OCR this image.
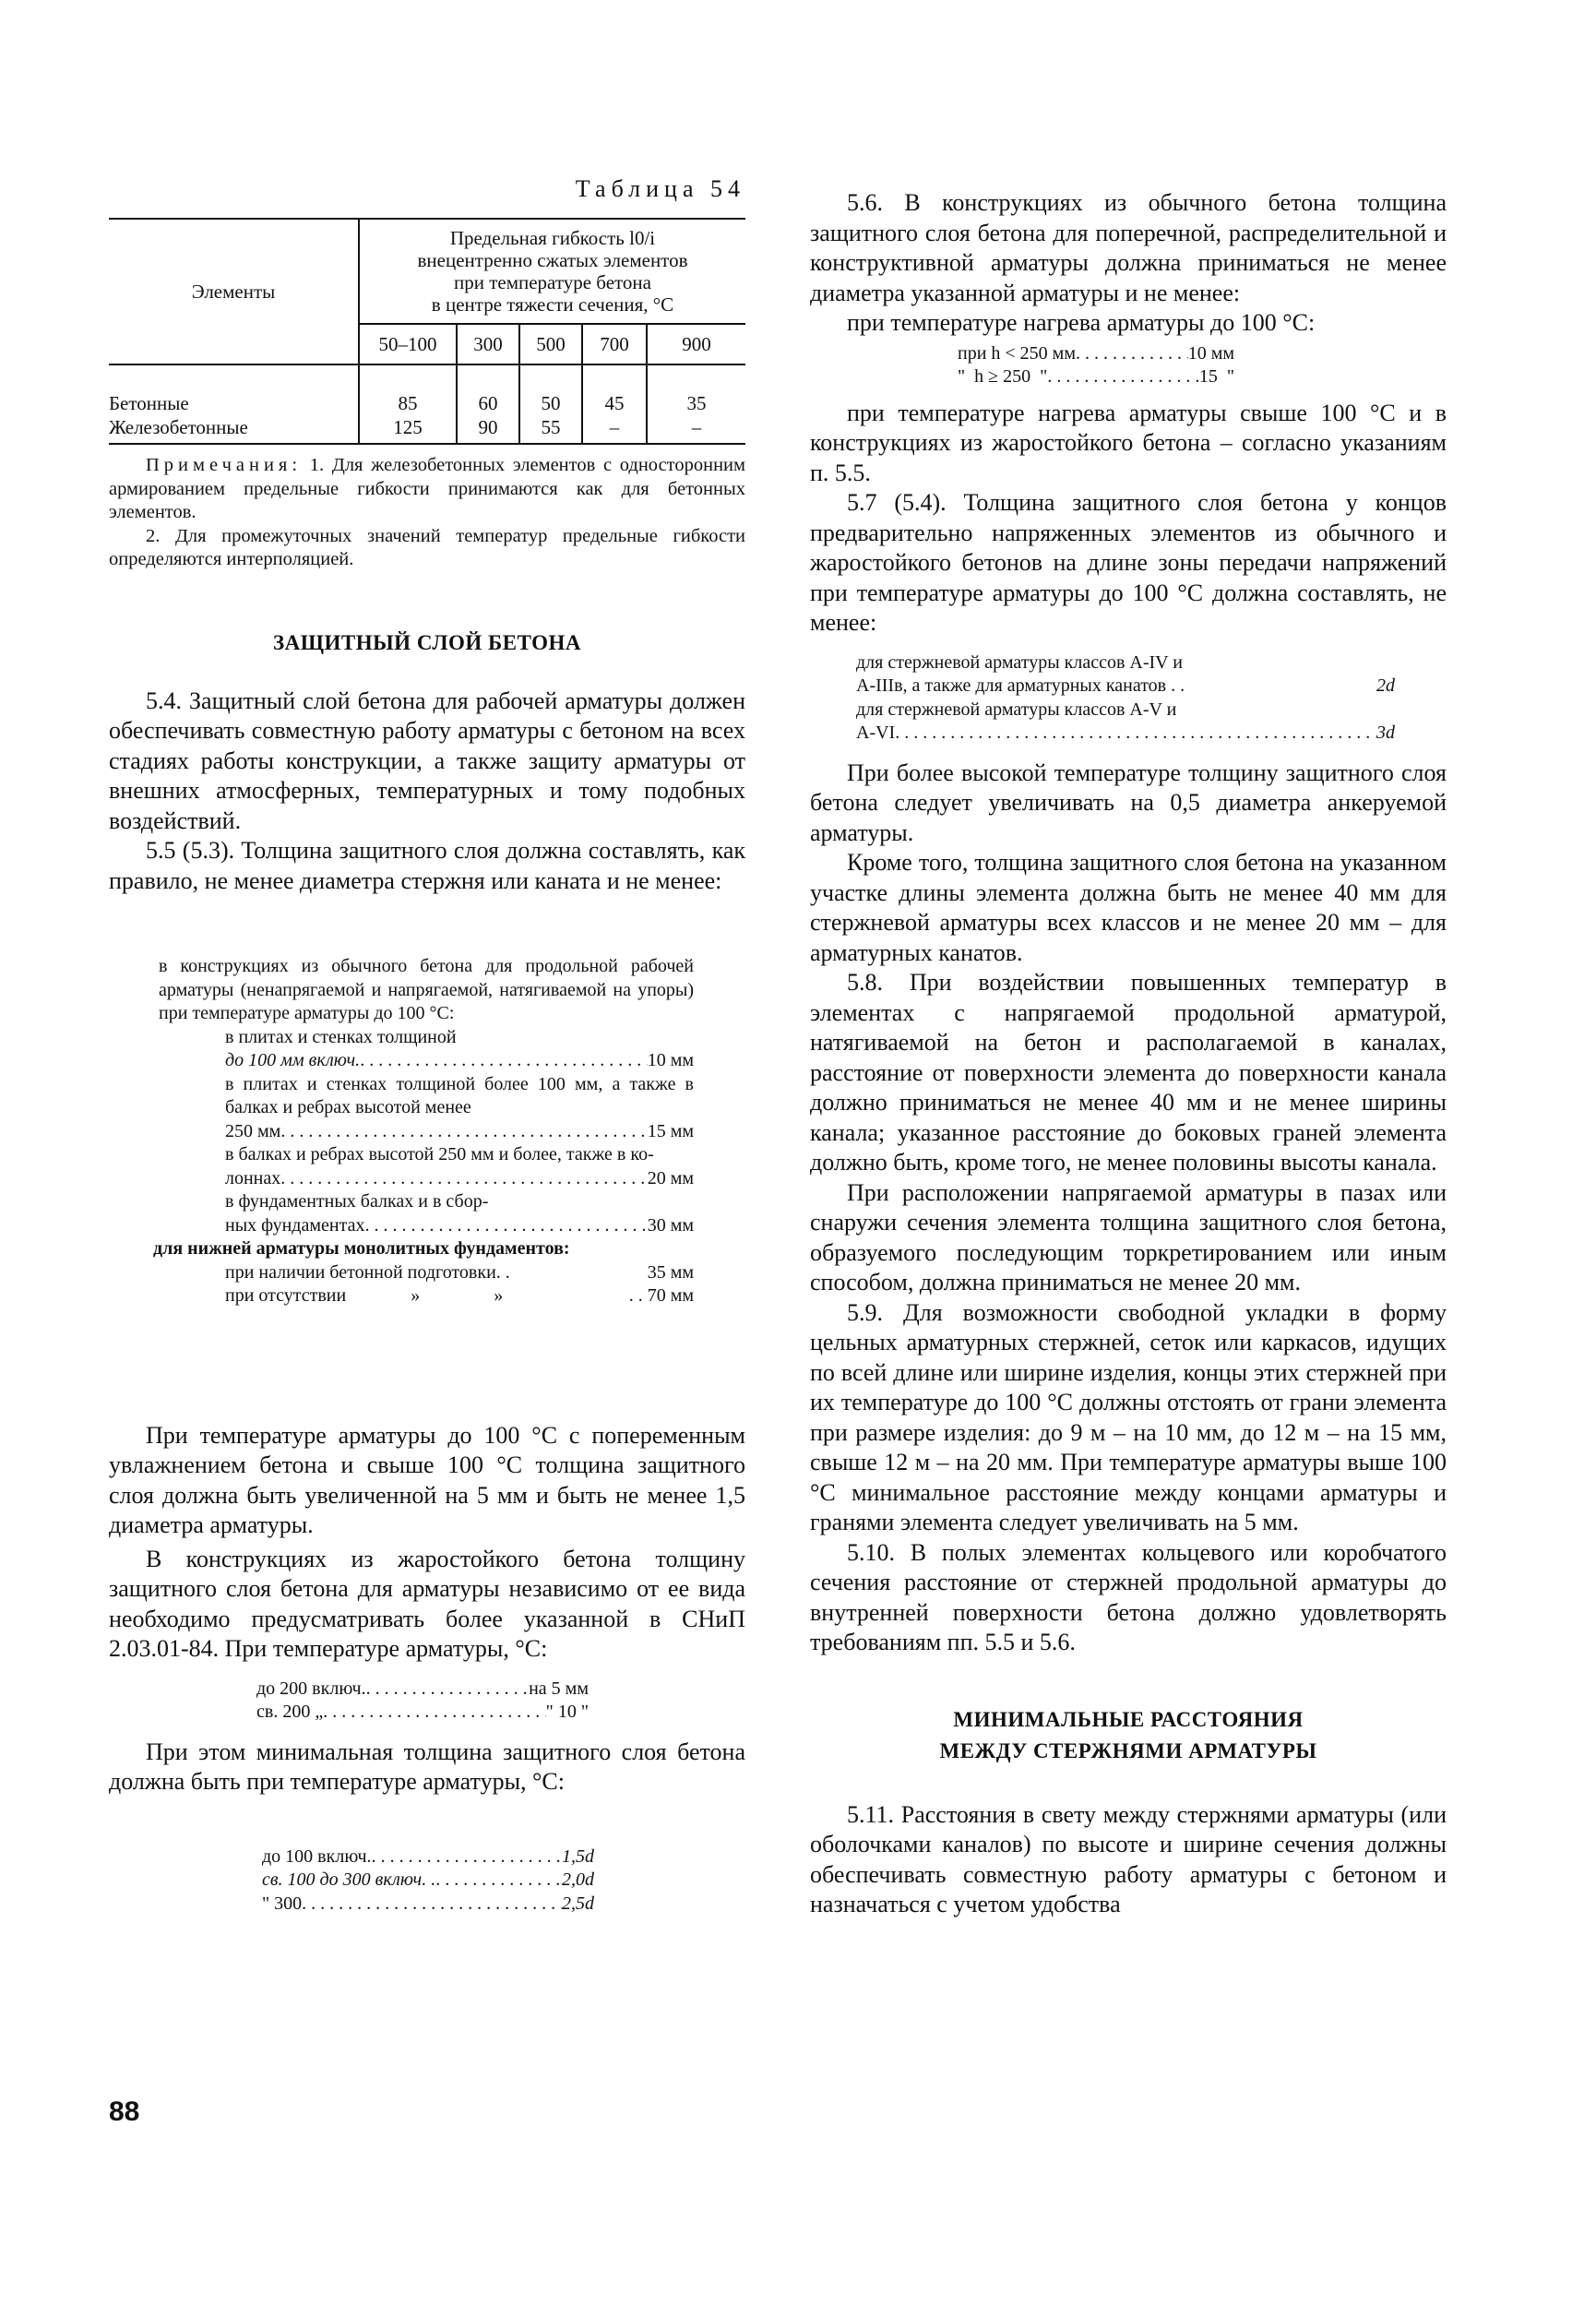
Таблица 54
Элементы	Предельная гибкость l0/i
внецентренно сжатых элементов
при температуре бетона
в центре тяжести сечения, °С				

	50–100	300	500	700	900
Бетонные	85	60	50	45	35
Железобетонные	125	90	55	–	–

Примечания: 1. Для железобетонных элементов с односторонним армированием предельные гибкости принимаются как для бетонных элементов.

2. Для промежуточных значений температур предельные гибкости определяются интерполяцией.

ЗАЩИТНЫЙ СЛОЙ БЕТОНА

5.4. Защитный слой бетона для рабочей арматуры должен обеспечивать совместную работу арматуры с бетоном на всех стадиях работы конструкции, а также защиту арматуры от внешних атмосферных, температурных и тому подобных воздействий.

5.5 (5.3). Толщина защитного слоя должна составлять, как правило, не менее диаметра стержня или каната и не менее:

в конструкциях из обычного бетона для продольной рабочей арматуры (ненапрягаемой и напрягаемой, натягиваемой на упоры) при температуре арматуры до 100 °С:

в плитах и стенках толщиной

до 100 мм включ. . . .	10 мм

в плитах и стенках толщиной более 100 мм, а также в балках и ребрах высотой менее

250 мм . . .	15 мм

в балках и ребрах высотой 250 мм и более, также в ко-

лоннах . . .	20 мм

в фундаментных балках и в сбор-

ных фундаментах . . .	30 мм

для нижней арматуры монолитных фундаментов:

при наличии бетонной подготовки. .	35 мм
при отсутствии	»	»	. . 70 мм

При температуре арматуры до 100 °С с попеременным увлажнением бетона и свыше 100 °С толщина защитного слоя должна быть увеличенной на 5 мм и быть не менее 1,5 диаметра арматуры.

В конструкциях из жаростойкого бетона толщину защитного слоя бетона для арматуры независимо от ее вида необходимо предусматривать более указанной в СНиП 2.03.01-84. При температуре арматуры, °С:

до 200 включ. . . .	на 5 мм
св. 200 „ . . .	" 10 "

При этом минимальная толщина защитного слоя бетона должна быть при температуре арматуры, °С:

до 100 включ. . . .	1,5d
св. 100 до 300 включ. . . . .	2,0d
" 300 . . .	2,5d

5.6. В конструкциях из обычного бетона толщина защитного слоя бетона для поперечной, распределительной и конструктивной арматуры должна приниматься не менее диаметра указанной арматуры и не менее:

при температуре нагрева арматуры до 100 °С:

при h < 250 мм . . .	10 мм
"  h ≥ 250  " . . .	15  "

при температуре нагрева арматуры свыше 100 °С и в конструкциях из жаростойкого бетона – согласно указаниям п. 5.5.

5.7 (5.4). Толщина защитного слоя бетона у концов предварительно напряженных элементов из обычного и жаростойкого бетонов на длине зоны передачи напряжений при температуре арматуры до 100 °С должна составлять, не менее:

для стержневой арматуры классов А-IV и

А-IIIв, а также для арматурных канатов . .	2d

для стержневой арматуры классов А-V и

А-VI . . .	3d

При более высокой температуре толщину защитного слоя бетона следует увеличивать на 0,5 диаметра анкеруемой арматуры.

Кроме того, толщина защитного слоя бетона на указанном участке длины элемента должна быть не менее 40 мм для стержневой арматуры всех классов и не менее 20 мм – для арматурных канатов.

5.8. При воздействии повышенных температур в элементах с напрягаемой продольной арматурой, натягиваемой на бетон и располагаемой в каналах, расстояние от поверхности элемента до поверхности канала должно приниматься не менее 40 мм и не менее ширины канала; указанное расстояние до боковых граней элемента должно быть, кроме того, не менее половины высоты канала.

При расположении напрягаемой арматуры в пазах или снаружи сечения элемента толщина защитного слоя бетона, образуемого последующим торкретированием или иным способом, должна приниматься не менее 20 мм.

5.9. Для возможности свободной укладки в форму цельных арматурных стержней, сеток или каркасов, идущих по всей длине или ширине изделия, концы этих стержней при их температуре до 100 °С должны отстоять от грани элемента при размере изделия: до 9 м – на 10 мм, до 12 м – на 15 мм, свыше 12 м – на 20 мм. При температуре арматуры выше 100 °С минимальное расстояние между концами арматуры и гранями элемента следует увеличивать на 5 мм.

5.10. В полых элементах кольцевого или коробчатого сечения расстояние от стержней продольной арматуры до внутренней поверхности бетона должно удовлетворять требованиям пп. 5.5 и 5.6.

МИНИМАЛЬНЫЕ РАССТОЯНИЯ
МЕЖДУ СТЕРЖНЯМИ АРМАТУРЫ

5.11. Расстояния в свету между стержнями арматуры (или оболочками каналов) по высоте и ширине сечения должны обеспечивать совместную работу арматуры с бетоном и назначаться с учетом удобства

88
